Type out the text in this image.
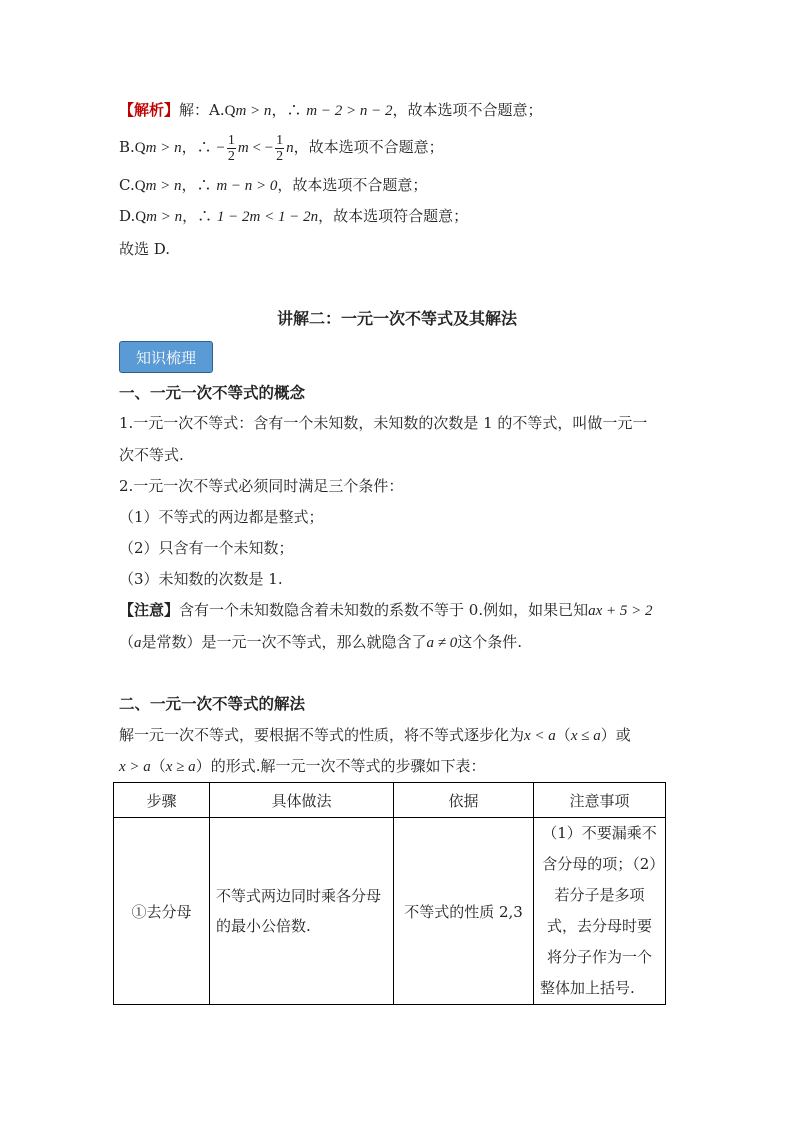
【解析】解：A.Qm > n，∴ m − 2 > n − 2，故本选项不合题意；
B.Qm > n，∴ − $\frac{1}{2}$ m < − $\frac{1}{2}$ n，故本选项不合题意；
C.Qm > n，∴ m − n > 0，故本选项不合题意；
D.Qm > n，∴ 1 − 2m < 1 − 2n，故本选项符合题意；
故选 D.
讲解二：一元一次不等式及其解法
知识梳理
一、一元一次不等式的概念
1.一元一次不等式：含有一个未知数，未知数的次数是 1 的不等式，叫做一元一
次不等式.
2.一元一次不等式必须同时满足三个条件：
（1）不等式的两边都是整式；
（2）只含有一个未知数；
（3）未知数的次数是 1.
【注意】含有一个未知数隐含着未知数的系数不等于 0.例如，如果已知ax + 5 > 2
（a是常数）是一元一次不等式，那么就隐含了a ≠ 0这个条件.
二、一元一次不等式的解法
解一元一次不等式，要根据不等式的性质，将不等式逐步化为x < a（x ≤ a）或
x > a（x ≥ a）的形式.解一元一次不等式的步骤如下表：
步骤	具体做法	依据	注意事项
①去分母	不等式两边同时乘各分母的最小公倍数.	不等式的性质 2,3	（1）不要漏乘不含分母的项；（2）若分子是多项式，去分母时要将分子作为一个整体加上括号.
